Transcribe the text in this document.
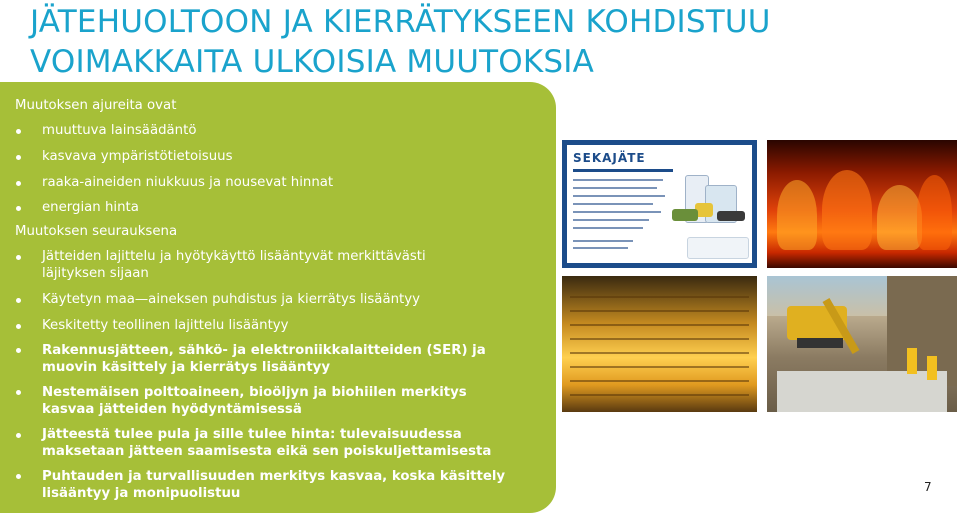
JÄTEHUOLTOON JA KIERRÄTYKSEEN KOHDISTUU
VOIMAKKAITA ULKOISIA MUUTOKSIA
Muutoksen ajureita ovat
muuttuva lainsäädäntö
kasvava ympäristötietoisuus
raaka-aineiden niukkuus ja nousevat hinnat
energian hinta
Muutoksen seurauksena
Jätteiden lajittelu ja hyötykäyttö lisääntyvät merkittävästi
läjityksen sijaan
Käytetyn maa—aineksen puhdistus ja kierrätys lisääntyy
Keskitetty teollinen lajittelu lisääntyy
Rakennusjätteen, sähkö- ja elektroniikkalaitteiden (SER) ja
muovin käsittely ja kierrätys lisääntyy
Nestemäisen polttoaineen, bioöljyn ja biohiilen merkitys
kasvaa jätteiden hyödyntämisessä
Jätteestä tulee pula ja sille tulee hinta: tulevaisuudessa
maksetaan jätteen saamisesta eikä sen poiskuljettamisesta
Puhtauden ja turvallisuuden merkitys kasvaa, koska käsittely
lisääntyy ja monipuolistuu
SEKAJÄTE
7
